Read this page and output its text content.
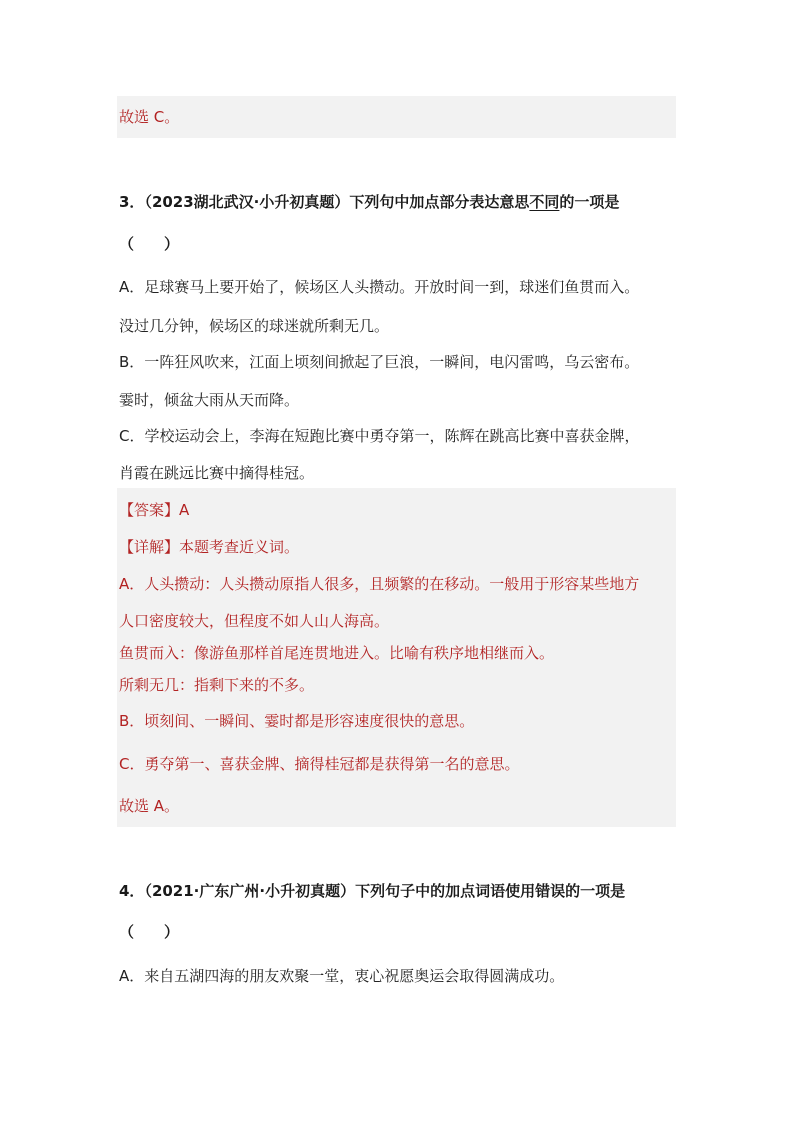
故选 C。
3．（2023湖北武汉·小升初真题）下列句中加点部分表达意思不同的一项是
（　　）
A．足球赛马上要开始了，候场区人头攒动。开放时间一到，球迷们鱼贯而入。
没过几分钟，候场区的球迷就所剩无几。
B．一阵狂风吹来，江面上顷刻间掀起了巨浪，一瞬间，电闪雷鸣，乌云密布。
霎时，倾盆大雨从天而降。
C．学校运动会上，李海在短跑比赛中勇夺第一，陈辉在跳高比赛中喜获金牌，
肖霞在跳远比赛中摘得桂冠。
【答案】A
【详解】本题考查近义词。
A．人头攒动：人头攒动原指人很多，且频繁的在移动。一般用于形容某些地方
人口密度较大，但程度不如人山人海高。
鱼贯而入：像游鱼那样首尾连贯地进入。比喻有秩序地相继而入。
所剩无几：指剩下来的不多。
B．顷刻间、一瞬间、霎时都是形容速度很快的意思。
C．勇夺第一、喜获金牌、摘得桂冠都是获得第一名的意思。
故选 A。
4．（2021·广东广州·小升初真题）下列句子中的加点词语使用错误的一项是
（　　）
A．来自五湖四海的朋友欢聚一堂，衷心祝愿奥运会取得圆满成功。
